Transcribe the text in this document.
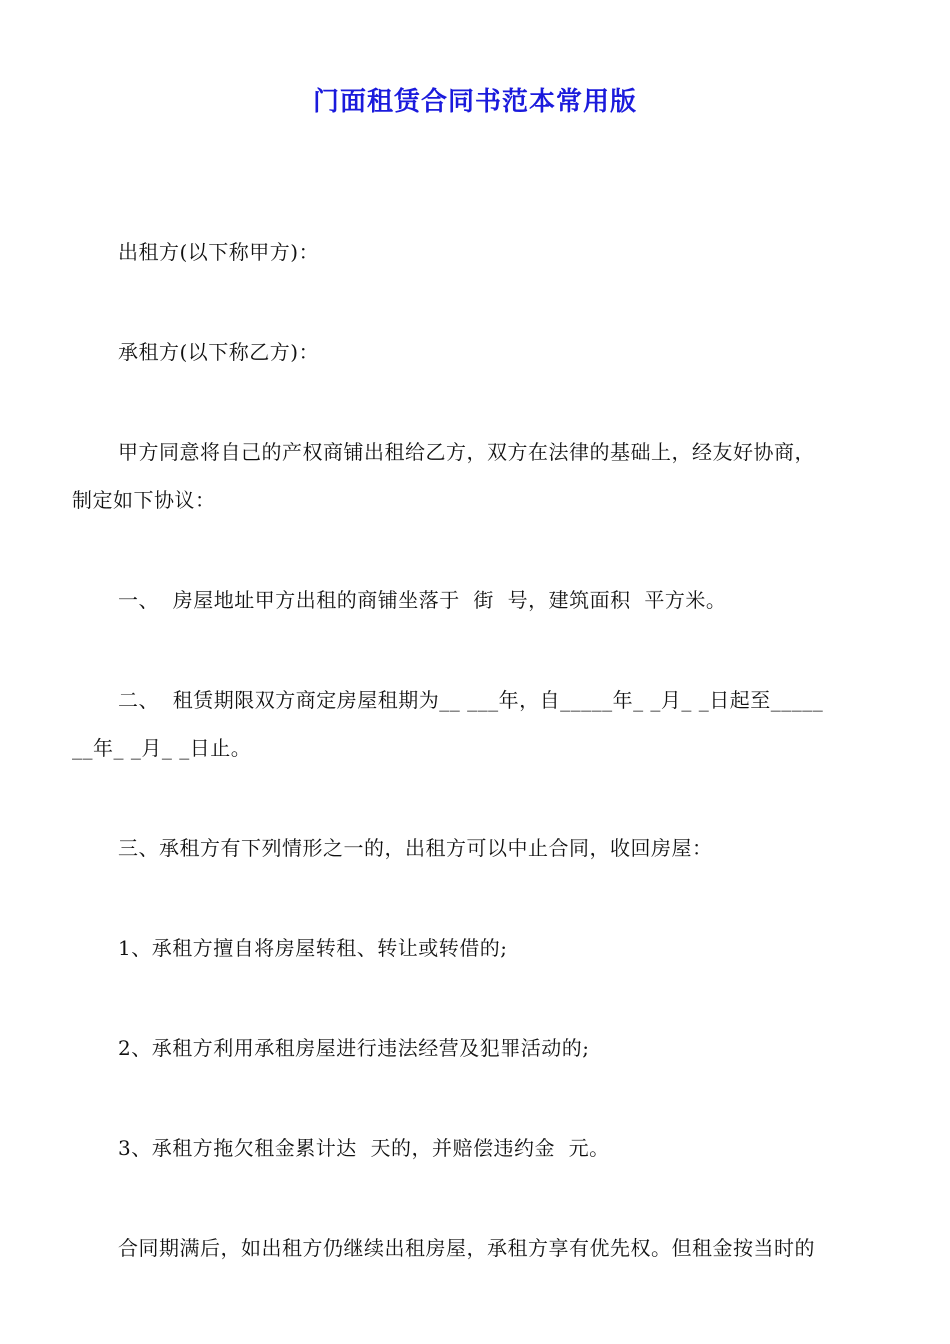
门面租赁合同书范本常用版
出租方(以下称甲方)：
承租方(以下称乙方)：
甲方同意将自己的产权商铺出租给乙方，双方在法律的基础上，经友好协商，
制定如下协议：
一、  房屋地址甲方出租的商铺坐落于  街  号，建筑面积  平方米。
二、  租赁期限双方商定房屋租期为__ ___年，自_____年_ _月_ _日起至_____
__年_ _月_ _日止。
三、承租方有下列情形之一的，出租方可以中止合同，收回房屋：
1、承租方擅自将房屋转租、转让或转借的;
2、承租方利用承租房屋进行违法经营及犯罪活动的;
3、承租方拖欠租金累计达  天的，并赔偿违约金  元。
合同期满后，如出租方仍继续出租房屋，承租方享有优先权。但租金按当时的
